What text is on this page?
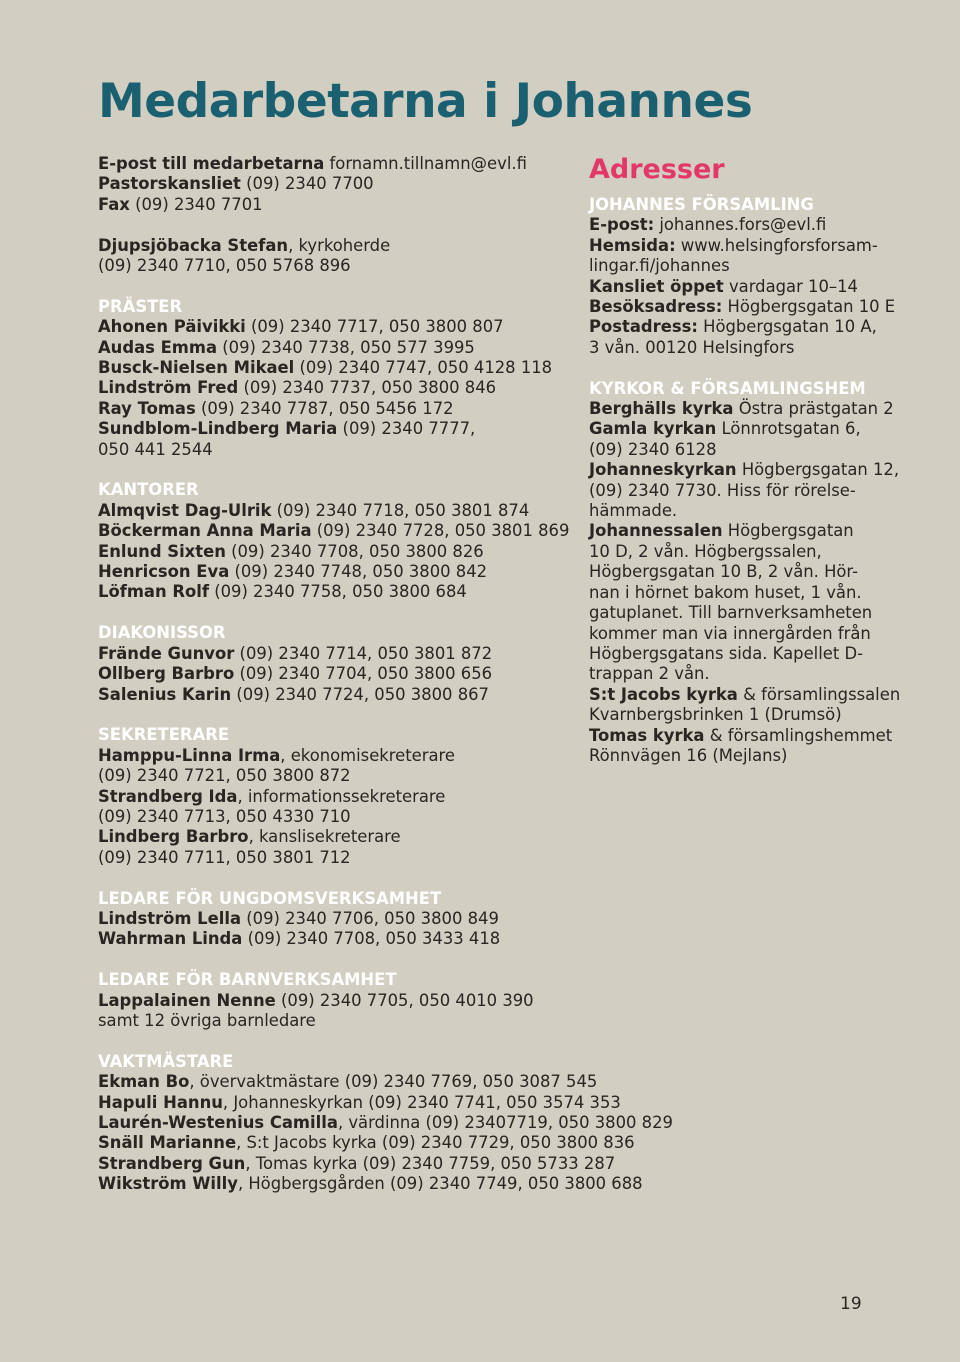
Medarbetarna i Johannes
E-post till medarbetarna fornamn.tillnamn@evl.fi
Pastorskansliet (09) 2340 7700
Fax (09) 2340 7701
Djupsjöbacka Stefan, kyrkoherde
(09) 2340 7710, 050 5768 896
PRÄSTER
Ahonen Päivikki (09) 2340 7717, 050 3800 807
Audas Emma (09) 2340 7738, 050 577 3995
Busck-Nielsen Mikael (09) 2340 7747, 050 4128 118
Lindström Fred (09) 2340 7737, 050 3800 846
Ray Tomas (09) 2340 7787, 050 5456 172
Sundblom-Lindberg Maria (09) 2340 7777,
050 441 2544
KANTORER
Almqvist Dag-Ulrik (09) 2340 7718, 050 3801 874
Böckerman Anna Maria (09) 2340 7728, 050 3801 869
Enlund Sixten (09) 2340 7708, 050 3800 826
Henricson Eva (09) 2340 7748, 050 3800 842
Löfman Rolf (09) 2340 7758, 050 3800 684
DIAKONISSOR
Frände Gunvor (09) 2340 7714, 050 3801 872
Ollberg Barbro (09) 2340 7704, 050 3800 656
Salenius Karin (09) 2340 7724, 050 3800 867
SEKRETERARE
Hamppu-Linna Irma, ekonomisekreterare
(09) 2340 7721, 050 3800 872
Strandberg Ida, informationssekreterare
(09) 2340 7713, 050 4330 710
Lindberg Barbro, kanslisekreterare
(09) 2340 7711, 050 3801 712
LEDARE FÖR UNGDOMSVERKSAMHET
Lindström Lella (09) 2340 7706, 050 3800 849
Wahrman Linda (09) 2340 7708, 050 3433 418
LEDARE FÖR BARNVERKSAMHET
Lappalainen Nenne (09) 2340 7705, 050 4010 390
samt 12 övriga barnledare
VAKTMÄSTARE
Ekman Bo, övervaktmästare (09) 2340 7769, 050 3087 545
Hapuli Hannu, Johanneskyrkan (09) 2340 7741, 050 3574 353
Laurén-Westenius Camilla, värdinna (09) 23407719, 050 3800 829
Snäll Marianne, S:t Jacobs kyrka (09) 2340 7729, 050 3800 836
Strandberg Gun, Tomas kyrka (09) 2340 7759, 050 5733 287
Wikström Willy, Högbergsgården (09) 2340 7749, 050 3800 688
Adresser
JOHANNES FÖRSAMLING
E-post: johannes.fors@evl.fi
Hemsida: www.helsingforsforsam-
lingar.fi/johannes
Kansliet öppet vardagar 10–14
Besöksadress: Högbergsgatan 10 E
Postadress: Högbergsgatan 10 A,
3 vån. 00120 Helsingfors
KYRKOR & FÖRSAMLINGSHEM
Berghälls kyrka Östra prästgatan 2
Gamla kyrkan Lönnrotsgatan 6,
(09) 2340 6128
Johanneskyrkan Högbergsgatan 12,
(09) 2340 7730. Hiss för rörelse-
hämmade.
Johannessalen Högbergsgatan
10 D, 2 vån. Högbergssalen,
Högbergsgatan 10 B, 2 vån. Hör-
nan i hörnet bakom huset, 1 vån.
gatuplanet. Till barnverksamheten
kommer man via innergården från
Högbergsgatans sida. Kapellet D-
trappan 2 vån.
S:t Jacobs kyrka & församlingssalen
Kvarnbergsbrinken 1 (Drumsö)
Tomas kyrka & församlingshemmet
Rönnvägen 16 (Mejlans)
19
